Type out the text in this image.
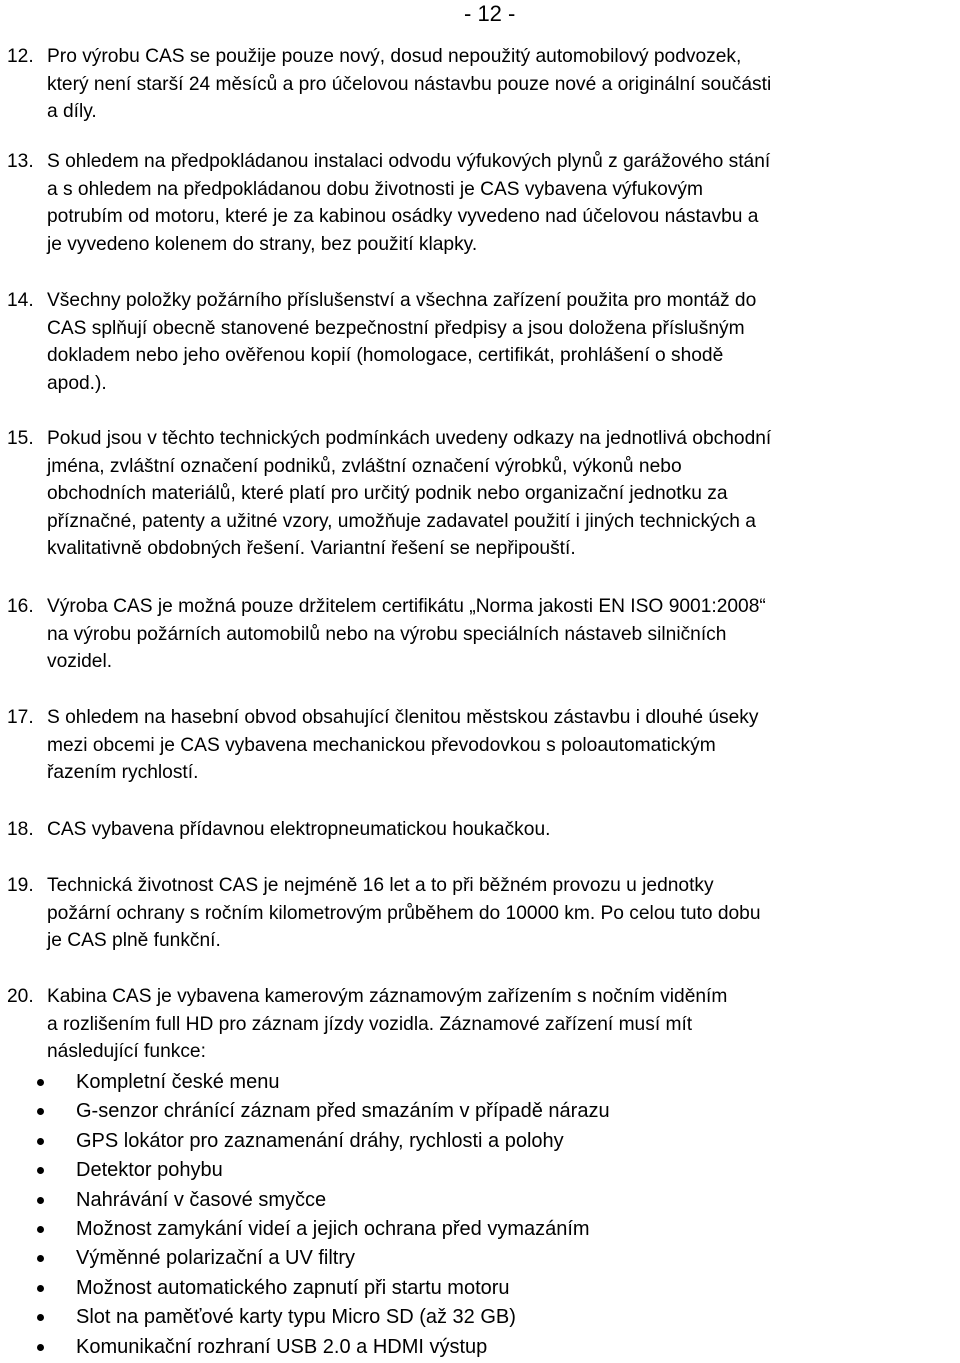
- 12 -
12. Pro výrobu CAS se použije pouze nový, dosud nepoužitý automobilový podvozek,
který není starší 24 měsíců a pro účelovou nástavbu pouze nové a originální součásti
a díly.
13. S ohledem na předpokládanou instalaci odvodu výfukových plynů z garážového stání
a s ohledem na předpokládanou dobu životnosti je CAS vybavena výfukovým
potrubím od motoru, které je za kabinou osádky vyvedeno nad účelovou nástavbu a
je vyvedeno kolenem do strany, bez použití klapky.
14. Všechny položky požárního příslušenství a všechna zařízení použita pro montáž do
CAS splňují obecně stanovené bezpečnostní předpisy a jsou doložena příslušným
dokladem nebo jeho ověřenou kopií (homologace, certifikát, prohlášení o shodě
apod.).
15. Pokud jsou v těchto technických podmínkách uvedeny odkazy na jednotlivá obchodní
jména, zvláštní označení podniků, zvláštní označení výrobků, výkonů nebo
obchodních materiálů, které platí pro určitý podnik nebo organizační jednotku za
příznačné, patenty a užitné vzory, umožňuje zadavatel použití i jiných technických a
kvalitativně obdobných řešení. Variantní řešení se nepřipouští.
16. Výroba CAS je možná pouze držitelem certifikátu „Norma jakosti EN ISO 9001:2008“
na výrobu požárních automobilů nebo na výrobu speciálních nástaveb silničních
vozidel.
17. S ohledem na hasební obvod obsahující členitou městskou zástavbu i dlouhé úseky
mezi obcemi je CAS vybavena mechanickou převodovkou s poloautomatickým
řazením rychlostí.
18. CAS vybavena přídavnou elektropneumatickou houkačkou.
19. Technická životnost CAS je nejméně 16 let a to při běžném provozu u jednotky
požární ochrany s ročním kilometrovým průběhem do 10000 km. Po celou tuto dobu
je CAS plně funkční.
20. Kabina CAS je vybavena kamerovým záznamovým zařízením s nočním viděním
a rozlišením full HD pro záznam jízdy vozidla. Záznamové zařízení musí mít
následující funkce:
Kompletní české menu
G-senzor chránící záznam před smazáním v případě nárazu
GPS lokátor pro zaznamenání dráhy, rychlosti a polohy
Detektor pohybu
Nahrávání v časové smyčce
Možnost zamykání videí a jejich ochrana před vymazáním
Výměnné polarizační a UV filtry
Možnost automatického zapnutí při startu motoru
Slot na paměťové karty typu Micro SD (až 32 GB)
Komunikační rozhraní USB 2.0 a HDMI výstup
